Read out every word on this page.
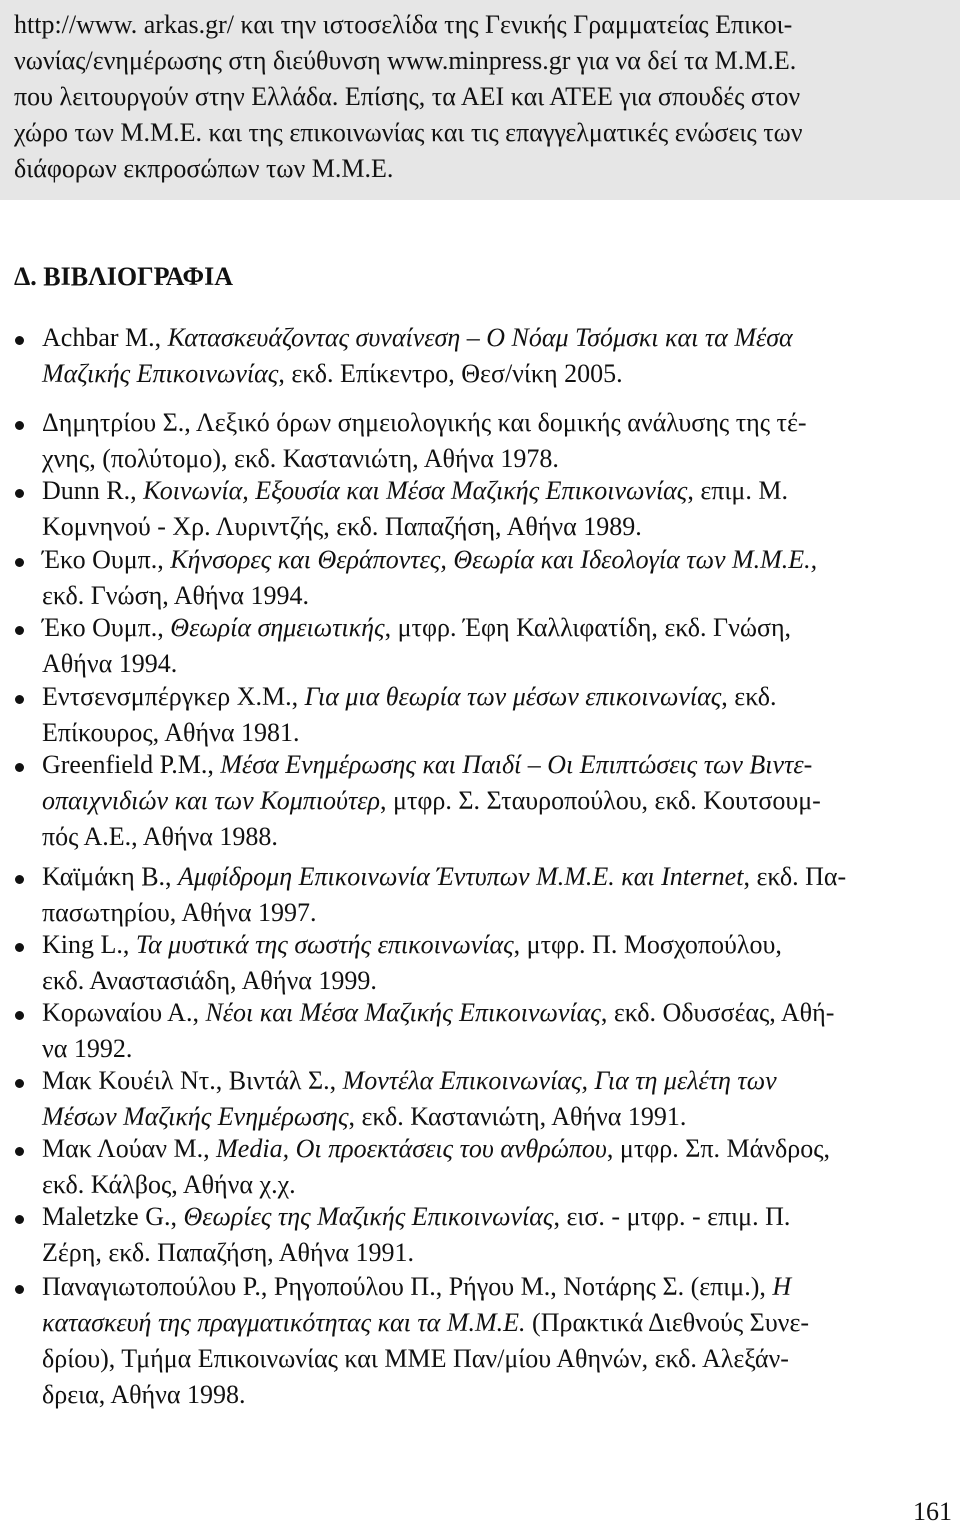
http://www. arkas.gr/ και την ιστοσελίδα της Γενικής Γραμματείας Επικοι-
νωνίας/ενημέρωσης στη διεύθυνση www.minpress.gr για να δεί τα Μ.Μ.Ε.
που λειτουργούν στην Ελλάδα. Επίσης, τα ΑΕΙ και ΑΤΕΕ για σπουδές στον
χώρο των Μ.Μ.Ε. και της επικοινωνίας και τις επαγγελματικές ενώσεις των
διάφορων εκπροσώπων των Μ.Μ.Ε.
Δ. ΒΙΒΛΙΟΓΡΑΦΙΑ
Achbar M., Κατασκευάζοντας συναίνεση – Ο Νόαμ Τσόμσκι και τα Μέσα
Μαζικής Επικοινωνίας, εκδ. Επίκεντρο, Θεσ/νίκη 2005.
Δημητρίου Σ., Λεξικό όρων σημειολογικής και δομικής ανάλυσης της τέ-
χνης, (πολύτομο), εκδ. Καστανιώτη, Αθήνα 1978.
Dunn R., Κοινωνία, Εξουσία και Μέσα Μαζικής Επικοινωνίας, επιμ. Μ.
Κομνηνού - Χρ. Λυριντζής, εκδ. Παπαζήση, Αθήνα 1989.
Έκο Ουμπ., Κήνσορες και Θεράποντες, Θεωρία και Ιδεολογία των Μ.Μ.Ε.,
εκδ. Γνώση, Αθήνα 1994.
Έκο Ουμπ., Θεωρία σημειωτικής, μτφρ. Έφη Καλλιφατίδη, εκδ. Γνώση,
Αθήνα 1994.
Εντσενσμπέργκερ Χ.Μ., Για μια θεωρία των μέσων επικοινωνίας, εκδ.
Επίκουρος, Αθήνα 1981.
Greenfield P.M., Μέσα Ενημέρωσης και Παιδί – Οι Επιπτώσεις των Βιντε-
οπαιχνιδιών και των Κομπιούτερ, μτφρ. Σ. Σταυροπούλου, εκδ. Κουτσουμ-
πός Α.Ε., Αθήνα 1988.
Καϊμάκη Β., Αμφίδρομη Επικοινωνία Έντυπων Μ.Μ.Ε. και Internet, εκδ. Πα-
πασωτηρίου, Αθήνα 1997.
King L., Τα μυστικά της σωστής επικοινωνίας, μτφρ. Π. Μοσχοπούλου,
εκδ. Αναστασιάδη, Αθήνα 1999.
Κορωναίου Α., Νέοι και Μέσα Μαζικής Επικοινωνίας, εκδ. Οδυσσέας, Αθή-
να 1992.
Μακ Κουέιλ Ντ., Βιντάλ Σ., Μοντέλα Επικοινωνίας, Για τη μελέτη των
Μέσων Μαζικής Ενημέρωσης, εκδ. Καστανιώτη, Αθήνα 1991.
Μακ Λούαν Μ., Media, Οι προεκτάσεις του ανθρώπου, μτφρ. Σπ. Μάνδρος,
εκδ. Κάλβος, Αθήνα χ.χ.
Maletzke G., Θεωρίες της Μαζικής Επικοινωνίας, εισ. - μτφρ. - επιμ. Π.
Ζέρη, εκδ. Παπαζήση, Αθήνα 1991.
Παναγιωτοπούλου Ρ., Ρηγοπούλου Π., Ρήγου Μ., Νοτάρης Σ. (επιμ.), Η
κατασκευή της πραγματικότητας και τα Μ.Μ.Ε. (Πρακτικά Διεθνούς Συνε-
δρίου), Τμήμα Επικοινωνίας και ΜΜΕ Παν/μίου Αθηνών, εκδ. Αλεξάν-
δρεια, Αθήνα 1998.
161
